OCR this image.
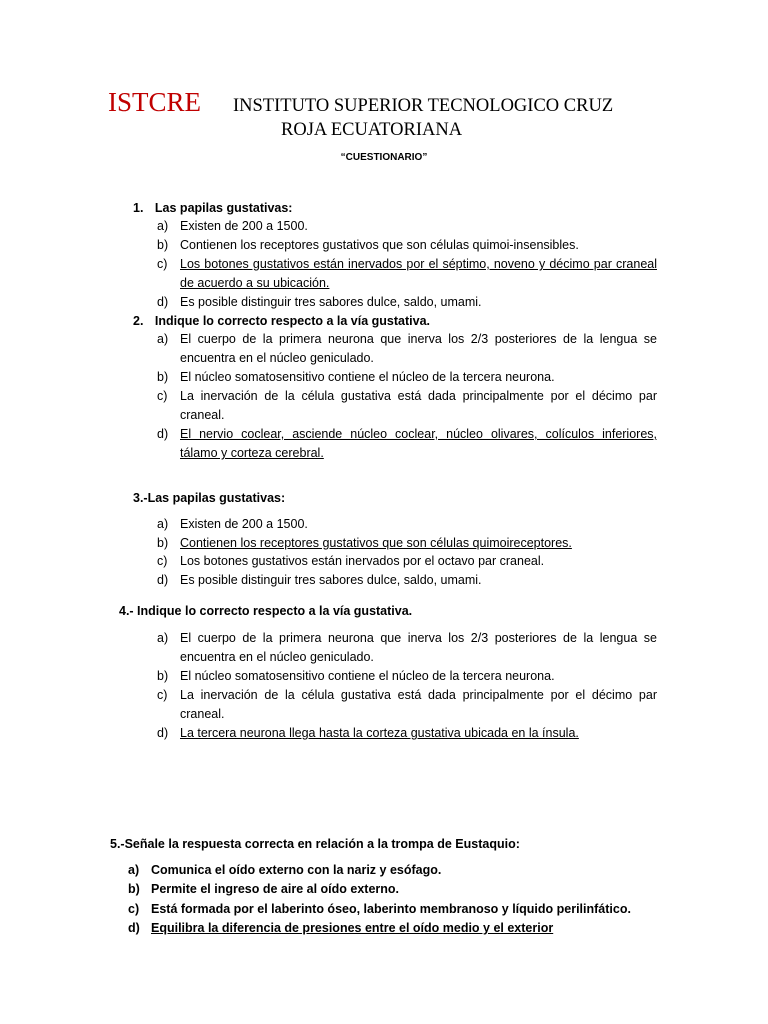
ISTCRE INSTITUTO SUPERIOR TECNOLOGICO CRUZ
ROJA ECUATORIANA
“CUESTIONARIO”
1. Las papilas gustativas:
a) Existen de 200 a 1500.
b) Contienen los receptores gustativos que son células quimoi-insensibles.
c) Los botones gustativos están inervados por el séptimo, noveno y décimo par craneal de acuerdo a su ubicación.
d) Es posible distinguir tres sabores dulce, saldo, umami.
2. Indique lo correcto respecto a la vía gustativa.
a) El cuerpo de la primera neurona que inerva los 2/3 posteriores de la lengua se encuentra en el núcleo geniculado.
b) El núcleo somatosensitivo contiene el núcleo de la tercera neurona.
c) La inervación de la célula gustativa está dada principalmente por el décimo par craneal.
d) El nervio coclear, asciende núcleo coclear, núcleo olivares, colículos inferiores, tálamo y corteza cerebral.
3.-Las papilas gustativas:
a) Existen de 200 a 1500.
b) Contienen los receptores gustativos que son células quimoireceptores.
c) Los botones gustativos están inervados por el octavo par craneal.
d) Es posible distinguir tres sabores dulce, saldo, umami.
4.- Indique lo correcto respecto a la vía gustativa.
a) El cuerpo de la primera neurona que inerva los 2/3 posteriores de la lengua se encuentra en el núcleo geniculado.
b) El núcleo somatosensitivo contiene el núcleo de la tercera neurona.
c) La inervación de la célula gustativa está dada principalmente por el décimo par craneal.
d) La tercera neurona llega hasta la corteza gustativa ubicada en la ínsula.
5.-Señale la respuesta correcta en relación a la trompa de Eustaquio:
a) Comunica el oído externo con la nariz y esófago.
b) Permite el ingreso de aire al oído externo.
c) Está formada por el laberinto óseo, laberinto membranoso y líquido perilinfático.
d) Equilibra la diferencia de presiones entre el oído medio y el exterior
